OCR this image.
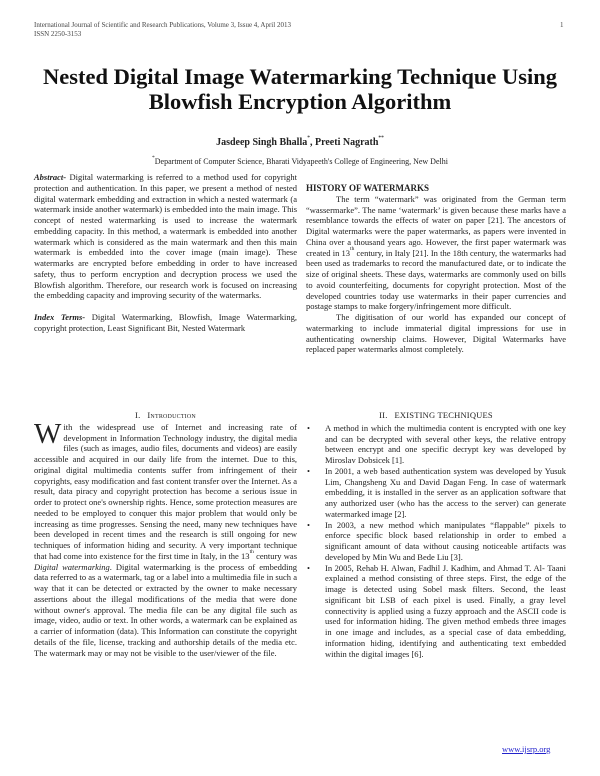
International Journal of Scientific and Research Publications, Volume 3, Issue 4, April 2013
ISSN 2250-3153
1
Nested Digital Image Watermarking Technique Using
Blowfish Encryption Algorithm
Jasdeep Singh Bhalla*, Preeti Nagrath**
*Department of Computer Science, Bharati Vidyapeeth's College of Engineering, New Delhi

Abstract- Digital watermarking is referred to a method used for copyright protection and authentication. In this paper, we present a method of nested digital watermark embedding and extraction in which a nested watermark (a watermark inside another watermark) is embedded into the main image. This concept of nested watermarking is used to increase the watermark embedding capacity. In this method, a watermark is embedded into another watermark which is considered as the main watermark and then this main watermark is embedded into the cover image (main image). These watermarks are encrypted before embedding in order to have increased safety, thus to perform encryption and decryption process we used the Blowfish algorithm. Therefore, our research work is focused on increasing the embedding capacity and improving security of the watermarks.

Index Terms- Digital Watermarking, Blowfish, Image Watermarking, copyright protection, Least Significant Bit, Nested Watermark

HISTORY OF WATERMARKS

The term “watermark” was originated from the German term “wassermarke”. The name ‘watermark’ is given because these marks have a resemblance towards the effects of water on paper [21]. The ancestors of Digital watermarks were the paper watermarks, as papers were invented in China over a thousand years ago. However, the first paper watermark was created in 13th century, in Italy [21]. In the 18th century, the watermarks had been used as trademarks to record the manufactured date, or to indicate the size of original sheets. These days, watermarks are commonly used on bills to avoid counterfeiting, documents for copyright protection. Most of the developed countries today use watermarks in their paper currencies and postage stamps to make forgery/infringement more difficult.

The digitisation of our world has expanded our concept of watermarking to include immaterial digital impressions for use in authenticating ownership claims. However, Digital Watermarks have replaced paper watermarks almost completely.

I. Introduction

With the widespread use of Internet and increasing rate of development in Information Technology industry, the digital media files (such as images, audio files, documents and videos) are easily accessible and acquired in our daily life from the internet. Due to this, original digital multimedia contents suffer from infringement of their copyrights, easy modification and fast content transfer over the Internet. As a result, data piracy and copyright protection has become a serious issue in order to protect one's ownership rights. Hence, some protection measures are needed to be employed to conquer this major problem that would only be increasing as time progresses. Sensing the need, many new techniques have been developed in recent times and the research is still ongoing for new techniques of information hiding and security. A very important technique that had come into existence for the first time in Italy, in the 13th century was Digital watermarking. Digital watermarking is the process of embedding data referred to as a watermark, tag or a label into a multimedia file in such a way that it can be detected or extracted by the owner to make necessary assertions about the illegal modifications of the media that were done without owner's approval. The media file can be any digital file such as image, video, audio or text. In other words, a watermark can be explained as a carrier of information (data). This Information can constitute the copyright details of the file, license, tracking and authorship details of the media etc. The watermark may or may not be visible to the user/viewer of the file.

II. EXISTING TECHNIQUES
• A method in which the multimedia content is encrypted with one key and can be decrypted with several other keys, the relative entropy between encrypt and one specific decrypt key was developed by Miroslav Dobsicek [1].
• In 2001, a web based authentication system was developed by Yusuk Lim, Changsheng Xu and David Dagan Feng. In case of watermark embedding, it is installed in the server as an application software that any authorized user (who has the access to the server) can generate watermarked image [2].
• In 2003, a new method which manipulates “flappable” pixels to enforce specific block based relationship in order to embed a significant amount of data without causing noticeable artifacts was developed by Min Wu and Bede Liu [3].
• In 2005, Rehab H. Alwan, Fadhil J. Kadhim, and Ahmad T. Al- Taani explained a method consisting of three steps. First, the edge of the image is detected using Sobel mask filters. Second, the least significant bit LSB of each pixel is used. Finally, a gray level connectivity is applied using a fuzzy approach and the ASCII code is used for information hiding. The given method embeds three images in one image and includes, as a special case of data embedding, information hiding, identifying and authenticating text embedded within the digital images [6].
www.ijsrp.org
